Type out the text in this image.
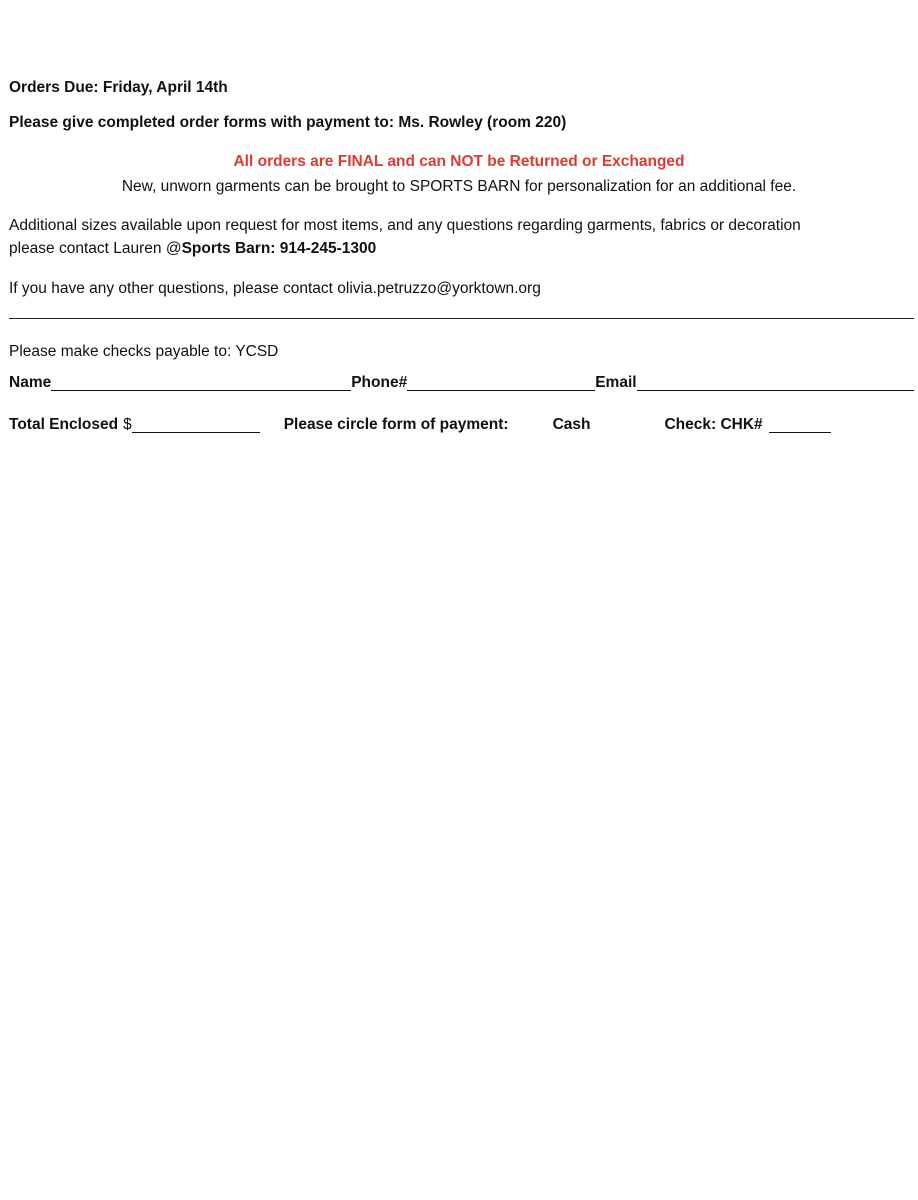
Orders Due: Friday, April 14th
Please give completed order forms with payment to: Ms. Rowley (room 220)
All orders are FINAL and can NOT be Returned or Exchanged
New, unworn garments can be brought to SPORTS BARN for personalization for an additional fee.
Additional sizes available upon request for most items, and any questions regarding garments, fabrics or decoration
please contact Lauren @Sports Barn: 914-245-1300
If you have any other questions, please contact olivia.petruzzo@yorktown.org
Please make checks payable to: YCSD
Name	Phone#	Email
Total Enclosed $	Please circle form of payment:	Cash	Check: CHK#
